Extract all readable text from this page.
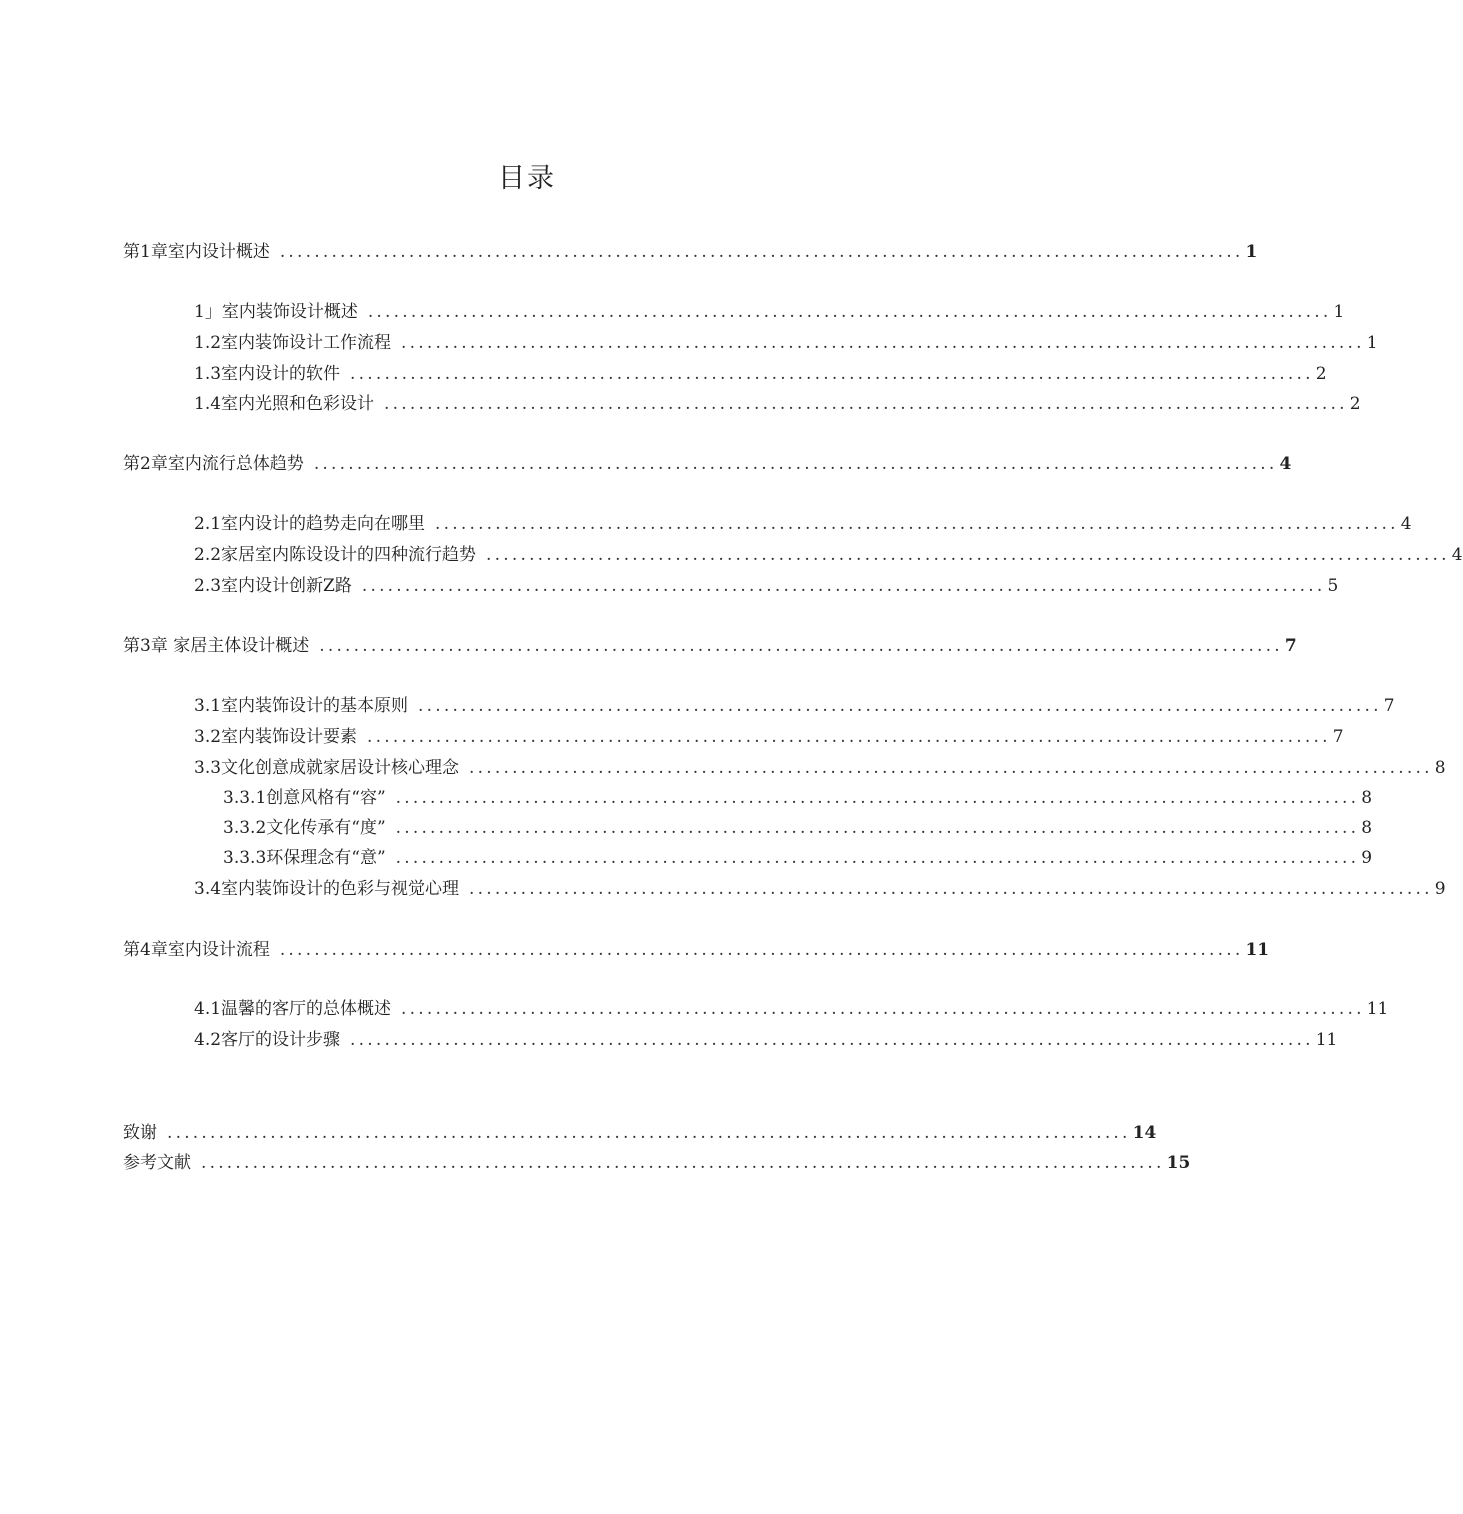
目录
第1章室内设计概述 ................................................................................................................ 1
1」室内装饰设计概述 ................................................................................................................ 1
1.2室内装饰设计工作流程 ................................................................................................................ 1
1.3室内设计的软件 ................................................................................................................ 2
1.4室内光照和色彩设计 ................................................................................................................ 2
第2章室内流行总体趋势 ................................................................................................................ 4
2.1室内设计的趋势走向在哪里 ................................................................................................................ 4
2.2家居室内陈设设计的四种流行趋势 ................................................................................................................ 4
2.3室内设计创新Z路 ................................................................................................................ 5
第3章 家居主体设计概述 ................................................................................................................ 7
3.1室内装饰设计的基本原则 ................................................................................................................ 7
3.2室内装饰设计要素 ................................................................................................................ 7
3.3文化创意成就家居设计核心理念 ................................................................................................................ 8
3.3.1创意风格有“容” ................................................................................................................ 8
3.3.2文化传承有“度” ................................................................................................................ 8
3.3.3环保理念有“意” ................................................................................................................ 9
3.4室内装饰设计的色彩与视觉心理 ................................................................................................................ 9
第4章室内设计流程 ................................................................................................................ 11
4.1温馨的客厅的总体概述 ................................................................................................................ 11
4.2客厅的设计步骤 ................................................................................................................ 11
致谢 ................................................................................................................ 14
参考文献 ................................................................................................................ 15
